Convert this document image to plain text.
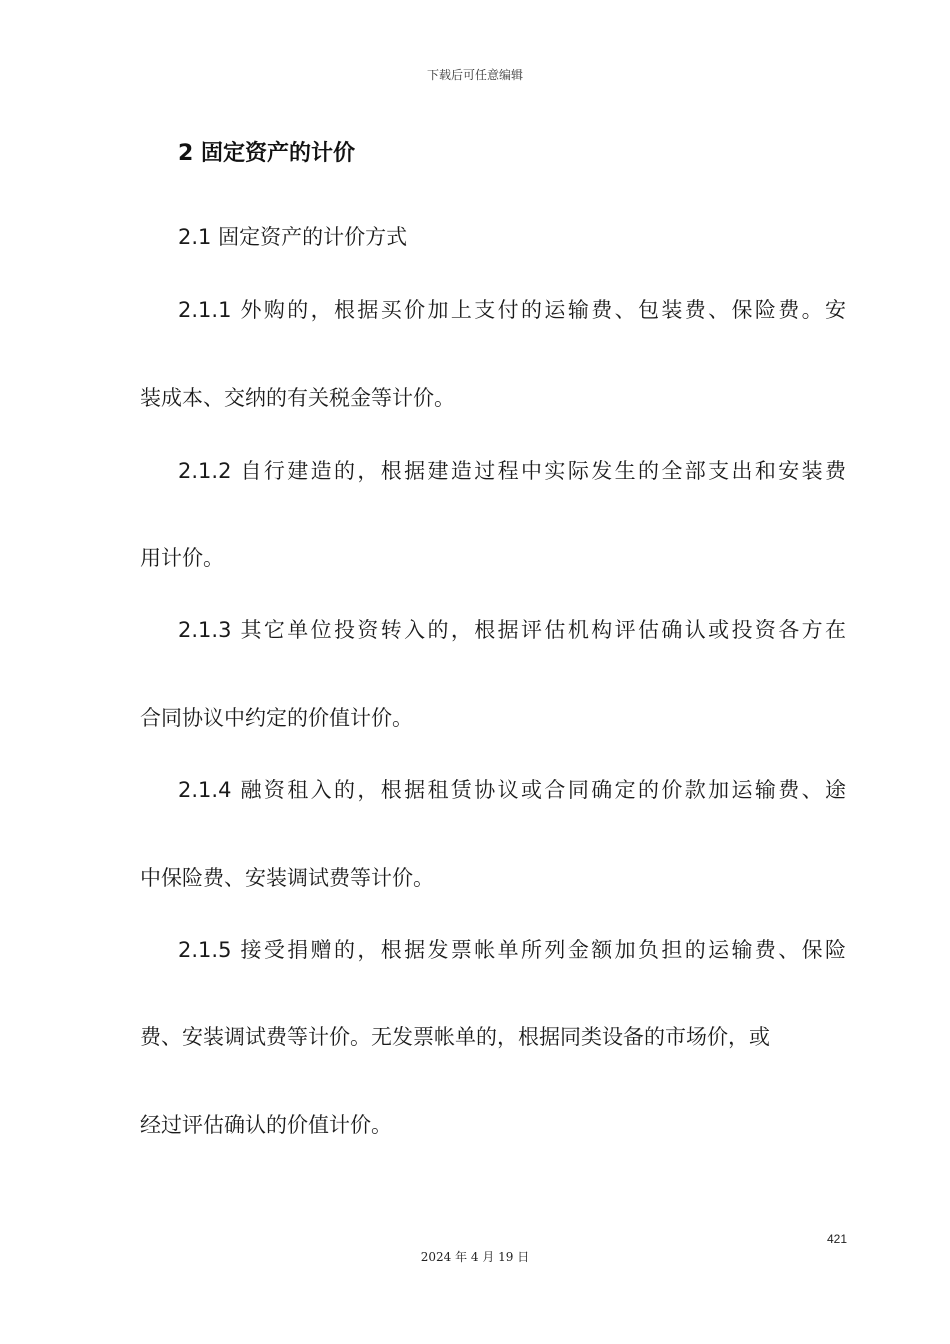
下载后可任意编辑
2 固定资产的计价
2.1 固定资产的计价方式
2.1.1 外购的，根据买价加上支付的运输费、包装费、保险费。安
装成本、交纳的有关税金等计价。
2.1.2 自行建造的，根据建造过程中实际发生的全部支出和安装费
用计价。
2.1.3 其它单位投资转入的，根据评估机构评估确认或投资各方在
合同协议中约定的价值计价。
2.1.4 融资租入的，根据租赁协议或合同确定的价款加运输费、途
中保险费、安装调试费等计价。
2.1.5 接受捐赠的，根据发票帐单所列金额加负担的运输费、保险
费、安装调试费等计价。无发票帐单的，根据同类设备的市场价，或
经过评估确认的价值计价。
421
2024 年 4 月 19 日
